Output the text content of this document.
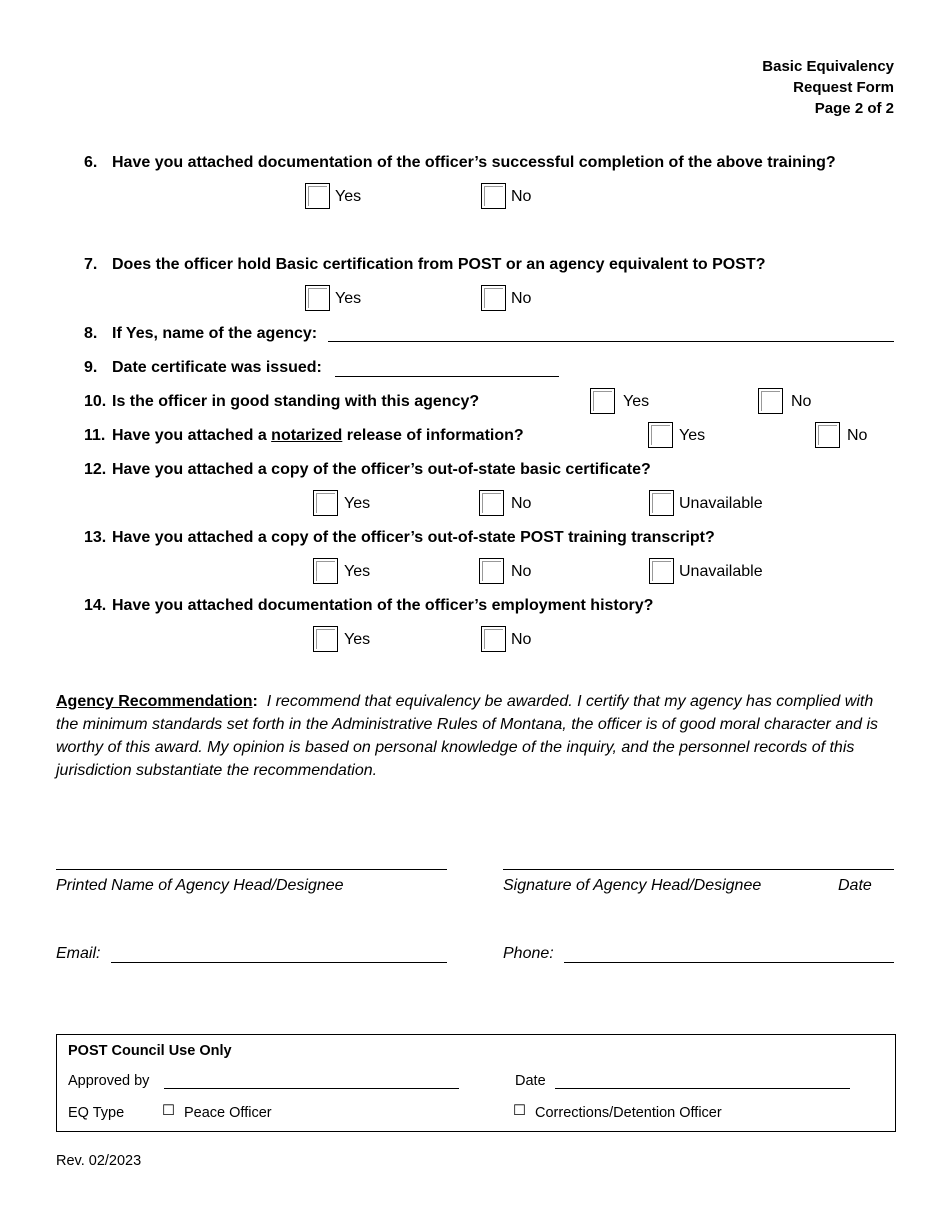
Basic Equivalency
Request Form
Page 2 of 2
6. Have you attached documentation of the officer’s successful completion of the above training?
Yes	No
7. Does the officer hold Basic certification from POST or an agency equivalent to POST?
Yes	No
8. If Yes, name of the agency:
9. Date certificate was issued:
10. Is the officer in good standing with this agency?	Yes	No
11. Have you attached a notarized release of information?	Yes	No
12. Have you attached a copy of the officer’s out-of-state basic certificate?
Yes	No	Unavailable
13. Have you attached a copy of the officer’s out-of-state POST training transcript?
Yes	No	Unavailable
14. Have you attached documentation of the officer’s employment history?
Yes	No
Agency Recommendation: I recommend that equivalency be awarded. I certify that my agency has complied with the minimum standards set forth in the Administrative Rules of Montana, the officer is of good moral character and is worthy of this award. My opinion is based on personal knowledge of the inquiry, and the personnel records of this jurisdiction substantiate the recommendation.
Printed Name of Agency Head/Designee	Signature of Agency Head/Designee	Date
Email:	Phone:
POST Council Use Only
Approved by	Date
EQ Type	☐ Peace Officer	☐ Corrections/Detention Officer
Rev. 02/2023
